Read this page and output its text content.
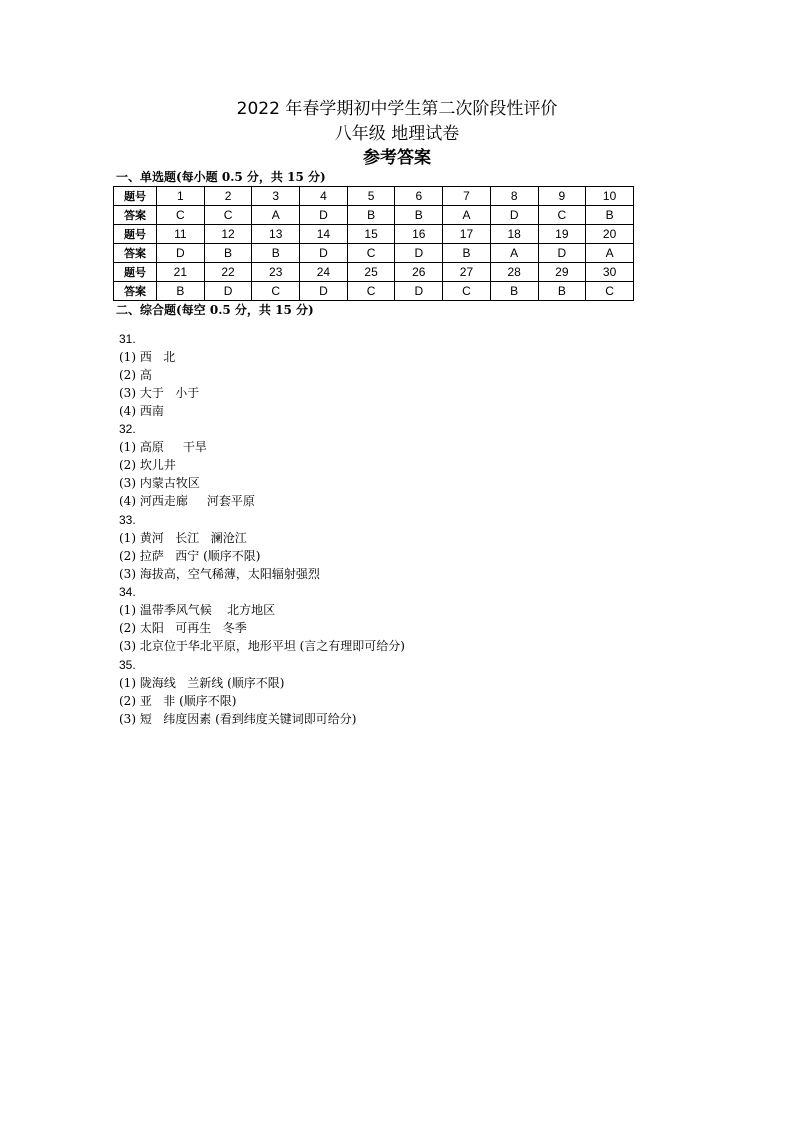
2022 年春学期初中学生第二次阶段性评价
八年级 地理试卷
参考答案
一、单选题(每小题 0.5 分，共 15 分)
题号	1	2	3	4	5	6	7	8	9	10
答案	C	C	A	D	B	B	A	D	C	B
题号	11	12	13	14	15	16	17	18	19	20
答案	D	B	B	D	C	D	B	A	D	A
题号	21	22	23	24	25	26	27	28	29	30
答案	B	D	C	D	C	D	C	B	B	C
二、综合题(每空 0.5 分，共 15 分)
31.
(1) 西   北
(2) 高
(3) 大于   小于
(4) 西南
32.
(1) 高原     干旱
(2) 坎儿井
(3) 内蒙古牧区
(4) 河西走廊     河套平原
33.
(1) 黄河   长江   澜沧江
(2) 拉萨   西宁 (顺序不限)
(3) 海拔高，空气稀薄，太阳辐射强烈
34.
(1) 温带季风气候    北方地区
(2) 太阳   可再生   冬季
(3) 北京位于华北平原，地形平坦 (言之有理即可给分)
35.
(1) 陇海线   兰新线 (顺序不限)
(2) 亚   非 (顺序不限)
(3) 短   纬度因素 (看到纬度关键词即可给分)
